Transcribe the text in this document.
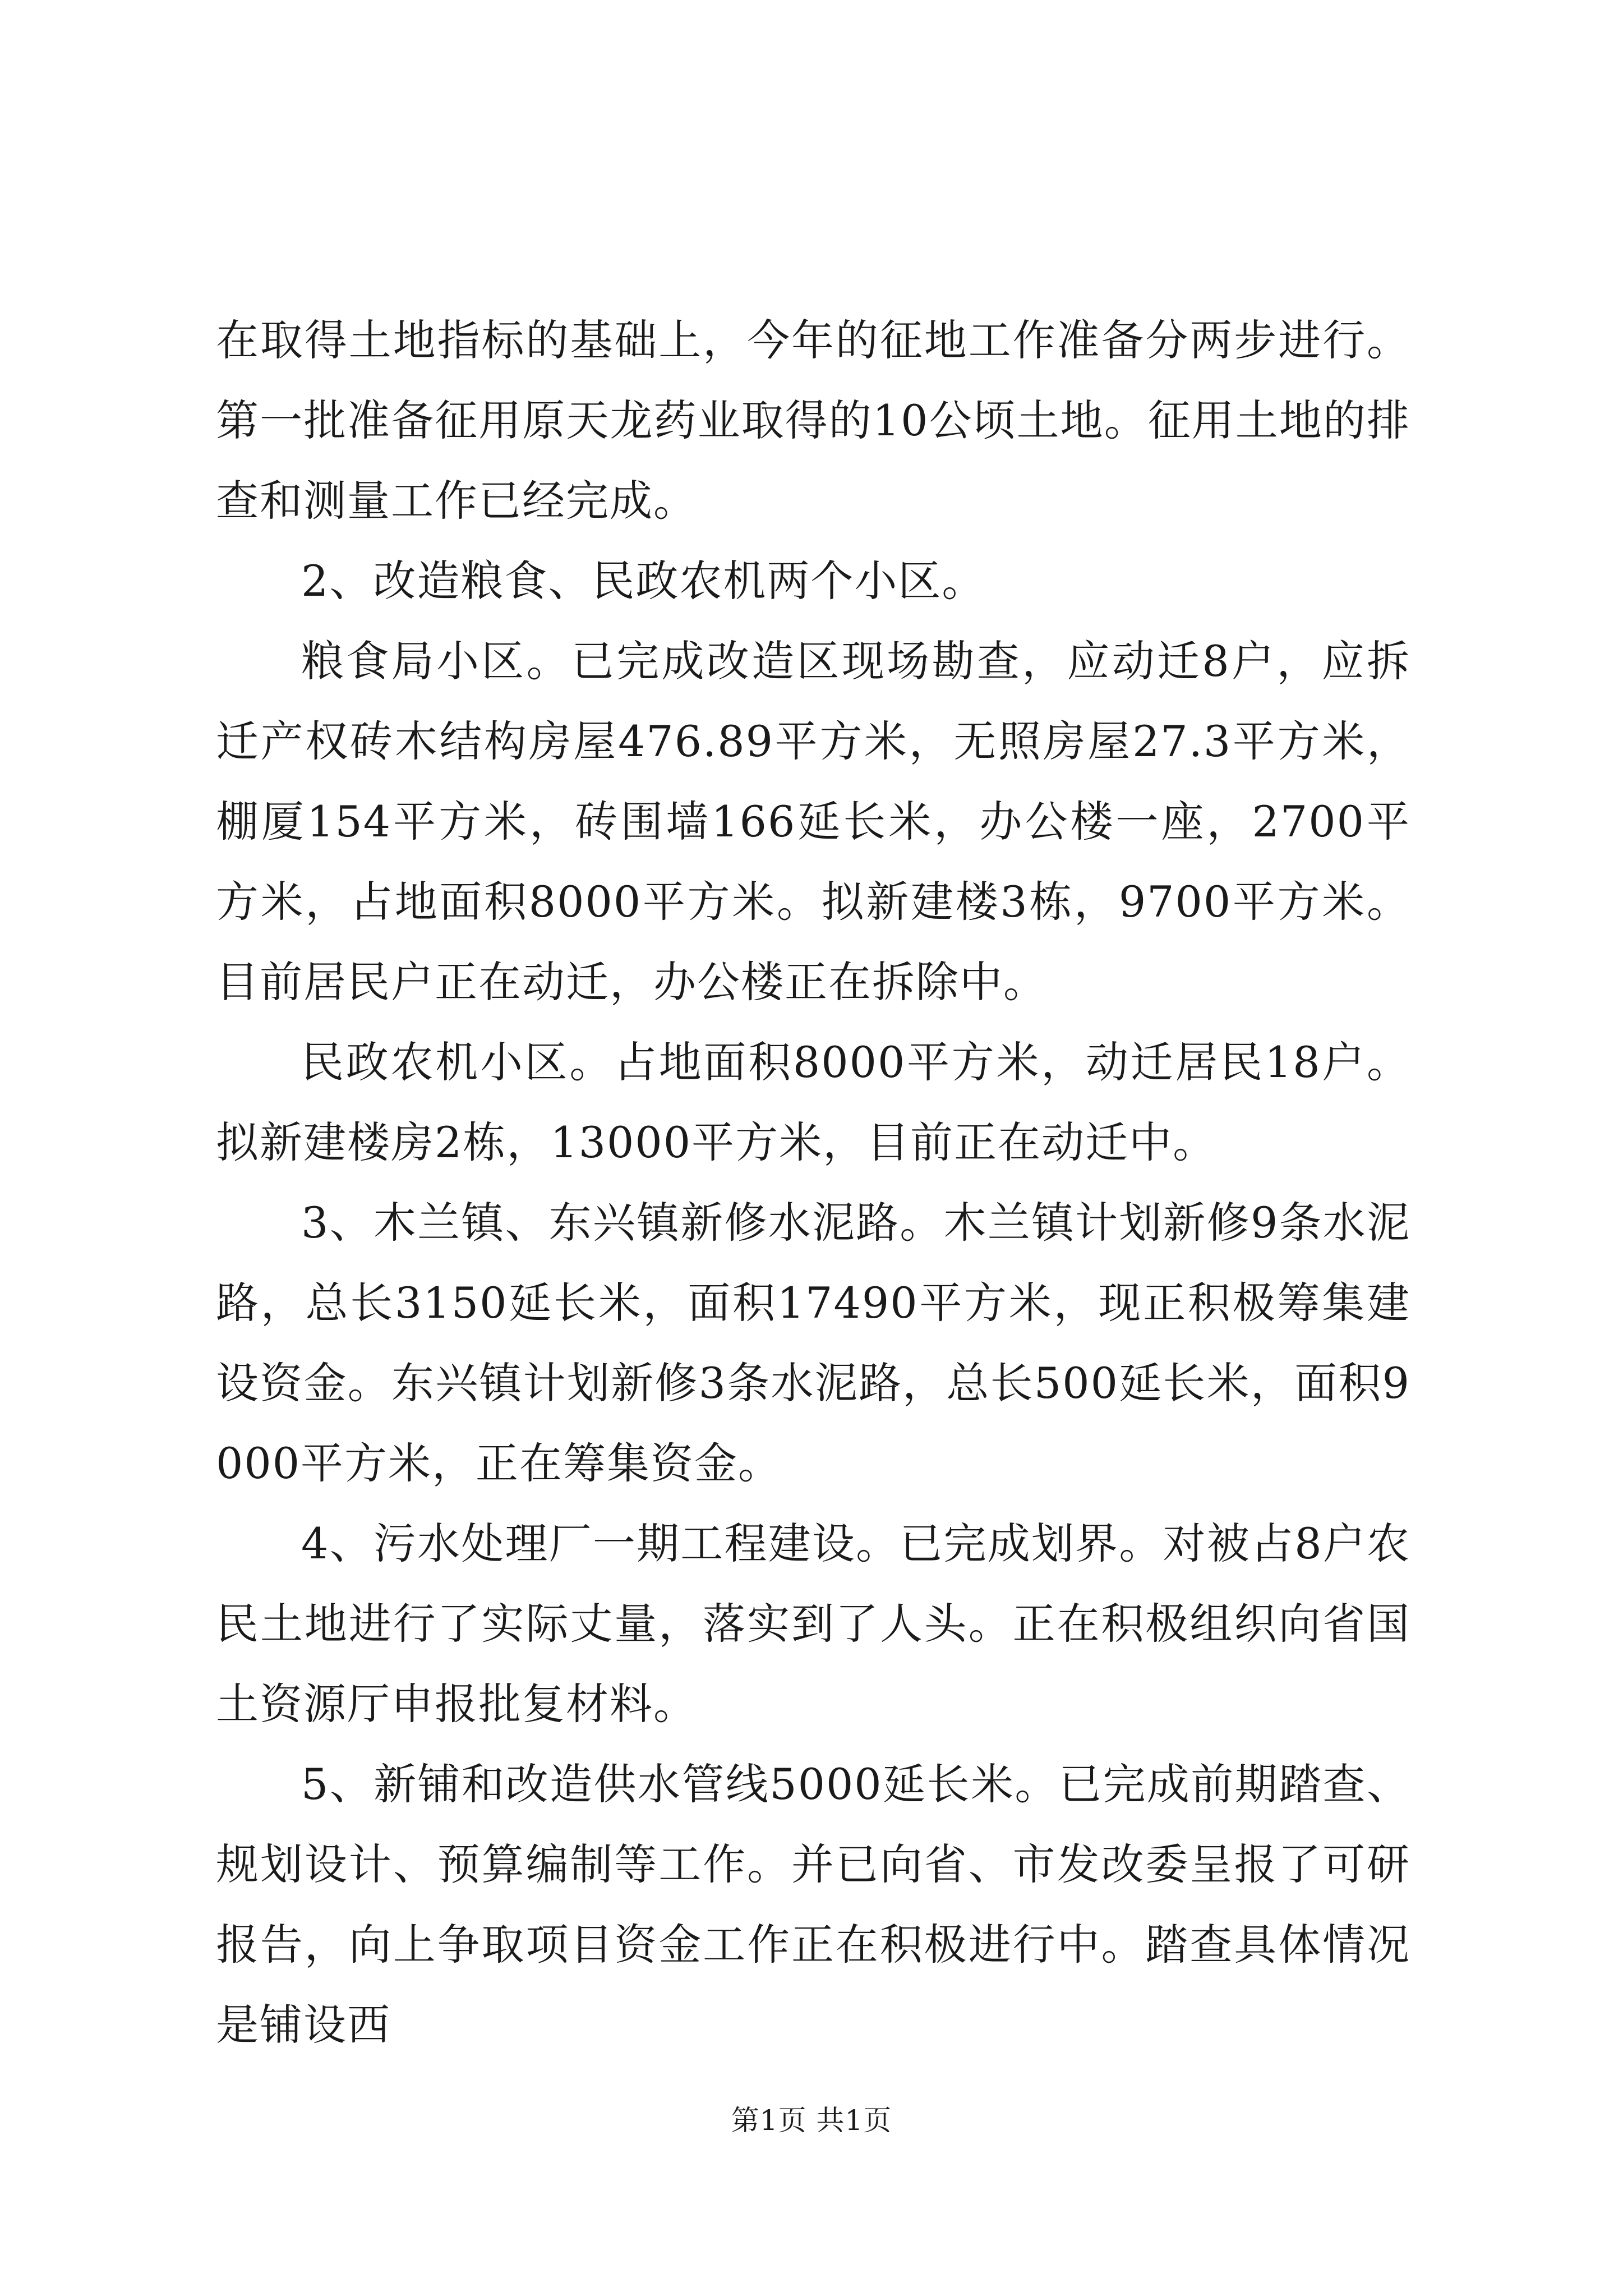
在取得土地指标的基础上，今年的征地工作准备分两步进行。第一批准备征用原天龙药业取得的10公顷土地。征用土地的排查和测量工作已经完成。

2、改造粮食、民政农机两个小区。

粮食局小区。已完成改造区现场勘查，应动迁8户，应拆迁产权砖木结构房屋476.89平方米，无照房屋27.3平方米，棚厦154平方米，砖围墙166延长米，办公楼一座，2700平方米，占地面积8000平方米。拟新建楼3栋，9700平方米。目前居民户正在动迁，办公楼正在拆除中。

民政农机小区。占地面积8000平方米，动迁居民18户。拟新建楼房2栋，13000平方米，目前正在动迁中。

3、木兰镇、东兴镇新修水泥路。木兰镇计划新修9条水泥路，总长3150延长米，面积17490平方米，现正积极筹集建设资金。东兴镇计划新修3条水泥路，总长500延长米，面积9000平方米，正在筹集资金。

4、污水处理厂一期工程建设。已完成划界。对被占8户农民土地进行了实际丈量，落实到了人头。正在积极组织向省国土资源厅申报批复材料。

5、新铺和改造供水管线5000延长米。已完成前期踏查、规划设计、预算编制等工作。并已向省、市发改委呈报了可研报告，向上争取项目资金工作正在积极进行中。踏查具体情况是铺设西

第1页 共1页
